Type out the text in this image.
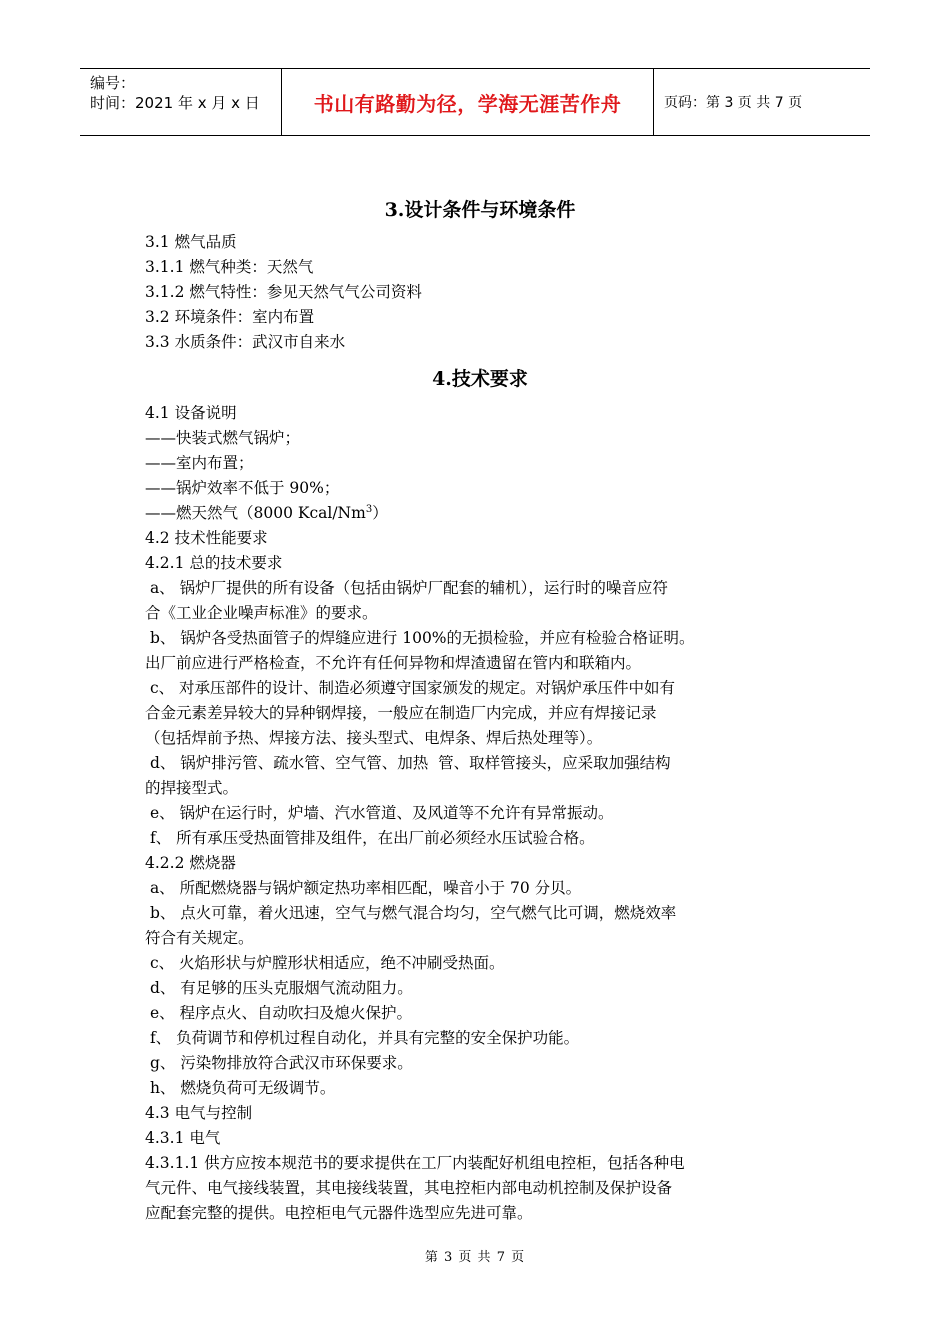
编号：
时间：2021 年 x 月 x 日	书山有路勤为径，学海无涯苦作舟	页码：第 3 页 共 7 页
3.设计条件与环境条件

3.1 燃气品质

3.1.1 燃气种类：天然气

3.1.2 燃气特性：参见天然气气公司资料

3.2 环境条件：室内布置

3.3 水质条件：武汉市自来水

4.技术要求

4.1 设备说明

——快装式燃气锅炉；

——室内布置；

——锅炉效率不低于 90%；

——燃天然气（8000 Kcal/Nm$^3$）

4.2 技术性能要求

4.2.1 总的技术要求

a、 锅炉厂提供的所有设备（包括由锅炉厂配套的辅机），运行时的噪音应符

合《工业企业噪声标准》的要求。

b、 锅炉各受热面管子的焊缝应进行 100%的无损检验，并应有检验合格证明。

出厂前应进行严格检查，不允许有任何异物和焊渣遗留在管内和联箱内。

c、 对承压部件的设计、制造必须遵守国家颁发的规定。对锅炉承压件中如有

合金元素差异较大的异种钢焊接，一般应在制造厂内完成，并应有焊接记录

（包括焊前予热、焊接方法、接头型式、电焊条、焊后热处理等）。

d、 锅炉排污管、疏水管、空气管、加热  管、取样管接头，应采取加强结构

的捍接型式。

e、 锅炉在运行时，炉墙、汽水管道、及风道等不允许有异常振动。

f、 所有承压受热面管排及组件，在出厂前必须经水压试验合格。

4.2.2 燃烧器

a、 所配燃烧器与锅炉额定热功率相匹配，噪音小于 70 分贝。

b、 点火可靠，着火迅速，空气与燃气混合均匀，空气燃气比可调，燃烧效率

符合有关规定。

c、 火焰形状与炉膛形状相适应，绝不冲刷受热面。

d、 有足够的压头克服烟气流动阻力。

e、 程序点火、自动吹扫及熄火保护。

f、 负荷调节和停机过程自动化，并具有完整的安全保护功能。

g、 污染物排放符合武汉市环保要求。

h、 燃烧负荷可无级调节。

4.3 电气与控制

4.3.1 电气

4.3.1.1 供方应按本规范书的要求提供在工厂内装配好机组电控柜，包括各种电

气元件、电气接线装置，其电接线装置，其电控柜内部电动机控制及保护设备

应配套完整的提供。电控柜电气元器件选型应先进可靠。

第 3 页 共 7 页
